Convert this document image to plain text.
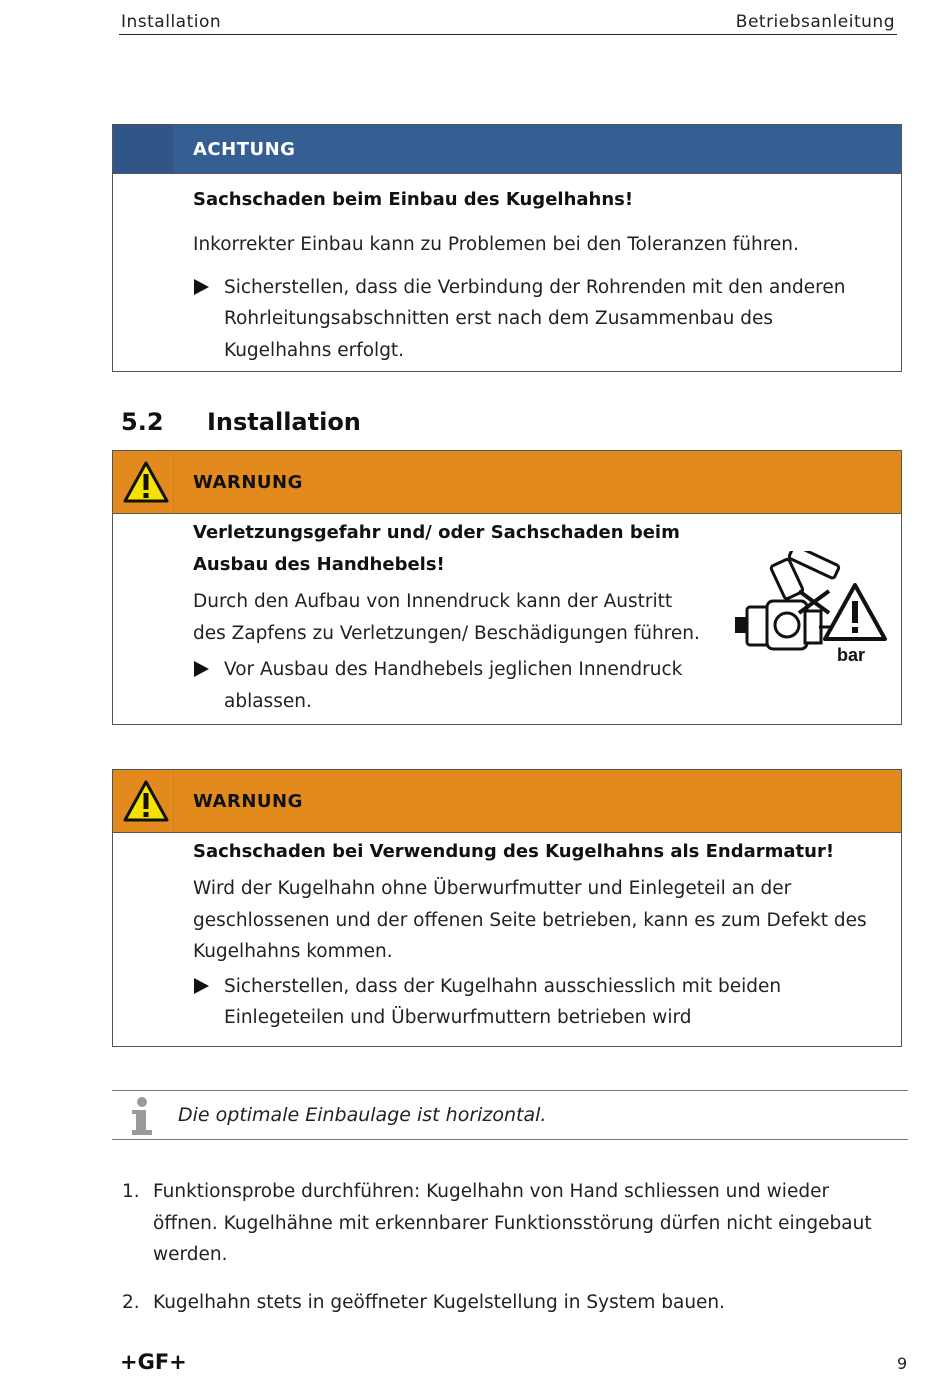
Installation	Betriebsanleitung
ACHTUNG
Sachschaden beim Einbau des Kugelhahns!
Inkorrekter Einbau kann zu Problemen bei den Toleranzen führen.
Sicherstellen, dass die Verbindung der Rohrenden mit den anderen Rohrleitungsabschnitten erst nach dem Zusammenbau des Kugelhahns erfolgt.
5.2 Installation
WARNUNG
Verletzungsgefahr und/ oder Sachschaden beim Ausbau des Handhebels!
Durch den Aufbau von Innendruck kann der Austritt des Zapfens zu Verletzungen/ Beschädigungen führen.
Vor Ausbau des Handhebels jeglichen Innendruck ablassen.
bar
WARNUNG
Sachschaden bei Verwendung des Kugelhahns als Endarmatur!
Wird der Kugelhahn ohne Überwurfmutter und Einlegeteil an der geschlossenen und der offenen Seite betrieben, kann es zum Defekt des Kugelhahns kommen.
Sicherstellen, dass der Kugelhahn ausschiesslich mit beiden Einlegeteilen und Überwurfmuttern betrieben wird
Die optimale Einbaulage ist horizontal.
1. Funktionsprobe durchführen: Kugelhahn von Hand schliessen und wieder öffnen. Kugelhähne mit erkennbarer Funktionsstörung dürfen nicht eingebaut werden.
2. Kugelhahn stets in geöffneter Kugelstellung in System bauen.
+GF+	9
